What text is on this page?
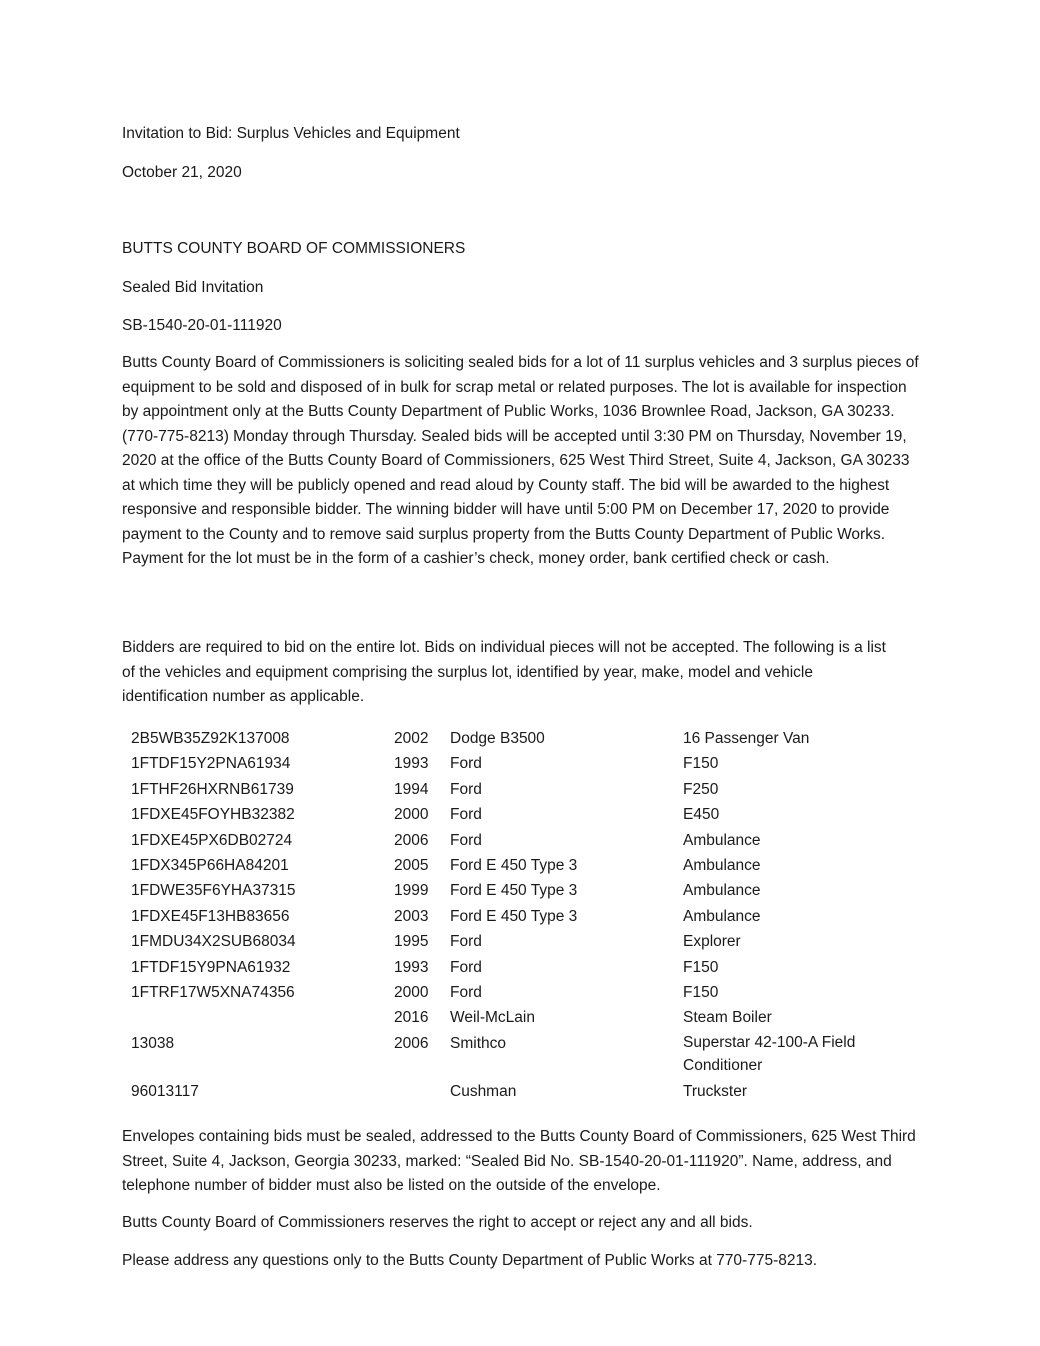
Invitation to Bid: Surplus Vehicles and Equipment

October 21, 2020

BUTTS COUNTY BOARD OF COMMISSIONERS

Sealed Bid Invitation

SB-1540-20-01-111920

Butts County Board of Commissioners is soliciting sealed bids for a lot of 11 surplus vehicles and 3 surplus pieces of equipment to be sold and disposed of in bulk for scrap metal or related purposes. The lot is available for inspection by appointment only at the Butts County Department of Public Works, 1036 Brownlee Road, Jackson, GA 30233. (770-775-8213) Monday through Thursday. Sealed bids will be accepted until 3:30 PM on Thursday, November 19, 2020 at the office of the Butts County Board of Commissioners, 625 West Third Street, Suite 4, Jackson, GA 30233 at which time they will be publicly opened and read aloud by County staff. The bid will be awarded to the highest responsive and responsible bidder. The winning bidder will have until 5:00 PM on December 17, 2020 to provide payment to the County and to remove said surplus property from the Butts County Department of Public Works. Payment for the lot must be in the form of a cashier’s check, money order, bank certified check or cash.

Bidders are required to bid on the entire lot. Bids on individual pieces will not be accepted. The following is a list of the vehicles and equipment comprising the surplus lot, identified by year, make, model and vehicle identification number as applicable.

2B5WB35Z92K137008	2002	Dodge B3500	16 Passenger Van
1FTDF15Y2PNA61934	1993	Ford	F150
1FTHF26HXRNB61739	1994	Ford	F250
1FDXE45FOYHB32382	2000	Ford	E450
1FDXE45PX6DB02724	2006	Ford	Ambulance
1FDX345P66HA84201	2005	Ford E 450 Type 3	Ambulance
1FDWE35F6YHA37315	1999	Ford E 450 Type 3	Ambulance
1FDXE45F13HB83656	2003	Ford E 450 Type 3	Ambulance
1FMDU34X2SUB68034	1995	Ford	Explorer
1FTDF15Y9PNA61932	1993	Ford	F150
1FTRF17W5XNA74356	2000	Ford	F150
	2016	Weil-McLain	Steam Boiler
13038	2006	Smithco	Superstar 42-100-A Field Conditioner

96013117		Cushman	Truckster

Envelopes containing bids must be sealed, addressed to the Butts County Board of Commissioners, 625 West Third Street, Suite 4, Jackson, Georgia 30233, marked: “Sealed Bid No. SB-1540-20-01-111920”. Name, address, and telephone number of bidder must also be listed on the outside of the envelope.

Butts County Board of Commissioners reserves the right to accept or reject any and all bids.

Please address any questions only to the Butts County Department of Public Works at 770-775-8213.
